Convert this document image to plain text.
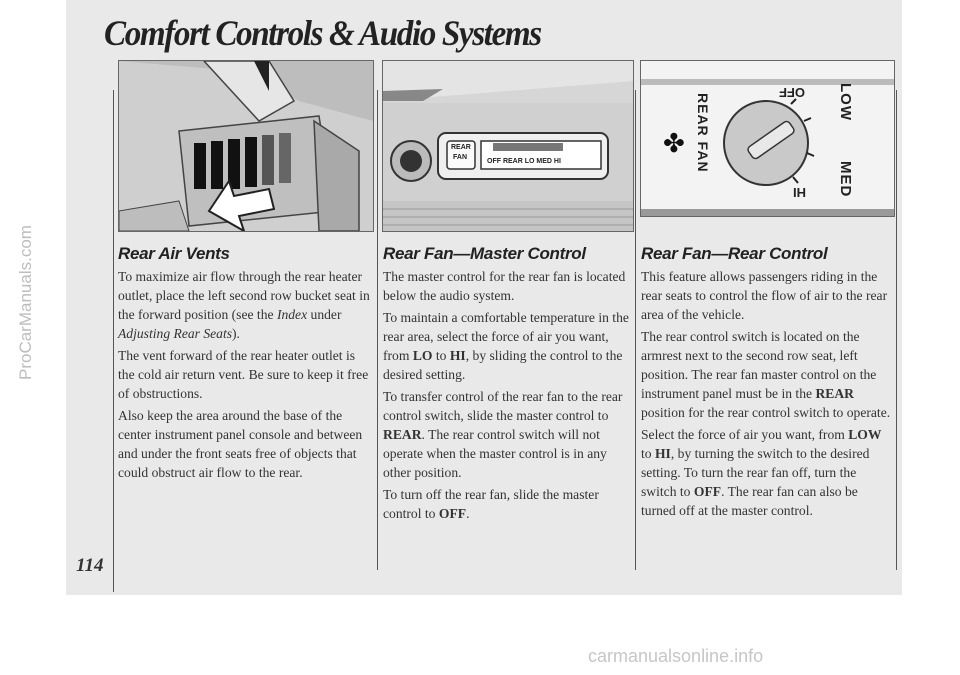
Comfort Controls & Audio Systems
ProCarManuals.com
carmanualsonline.info
REAR
FAN
OFF REAR LO MED HI
✤ REAR FAN
OFF
HI
LOW
MED
Rear Air Vents

To maximize air flow through the rear heater outlet, place the left second row bucket seat in the forward position (see the Index under Adjusting Rear Seats).

The vent forward of the rear heater outlet is the cold air return vent. Be sure to keep it free of obstructions.

Also keep the area around the base of the center instrument panel console and between and under the front seats free of objects that could obstruct air flow to the rear.

Rear Fan—Master Control

The master control for the rear fan is located below the audio system.

To maintain a comfortable temperature in the rear area, select the force of air you want, from LO to HI, by sliding the control to the desired setting.

To transfer control of the rear fan to the rear control switch, slide the master control to REAR. The rear control switch will not operate when the master control is in any other position.

To turn off the rear fan, slide the master control to OFF.

Rear Fan—Rear Control

This feature allows passengers riding in the rear seats to control the flow of air to the rear area of the vehicle.

The rear control switch is located on the armrest next to the second row seat, left position. The rear fan master control on the instrument panel must be in the REAR position for the rear control switch to operate.

Select the force of air you want, from LOW to HI, by turning the switch to the desired setting. To turn the rear fan off, turn the switch to OFF. The rear fan can also be turned off at the master control.

114
